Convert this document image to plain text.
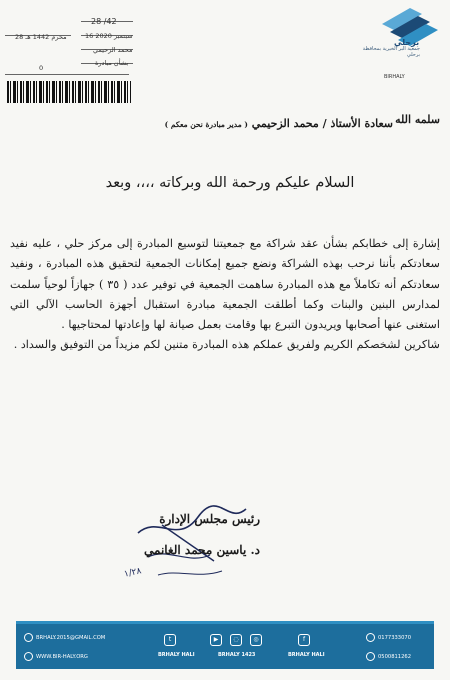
28 /42
16 سبتمبر 2020
28 محرم 1442 هـ
محمد الزحيمي
بشأن مبادرة
0
برحلي
جمعية البر الخيرية بمحافظة برحلي
BIRHALY
سلمه الله
سعادة الأستاذ / محمد الزحيمي ( مدير مبادرة نحن معكم )
السلام عليكم ورحمة الله وبركاته ،،،، وبعد

إشارة إلى خطابكم بشأن عقد شراكة مع جمعيتنا لتوسيع المبادرة إلى مركز حلي ، عليه نفيد سعادتكم بأننا نرحب بهذه الشراكة ونضع جميع إمكانات الجمعية لتحقيق هذه المبادرة ، ونفيد سعادتكم أنه تكاملاً مع هذه المبادرة ساهمت الجمعية في توفير عدد ( ٣٥ ) جهازاً لوحياً سلمت لمدارس البنين والبنات وكما أطلقت الجمعية مبادرة استقبال أجهزة الحاسب الآلي التي استغنى عنها أصحابها ويريدون التبرع بها وقامت بعمل صيانة لها وإعادتها لمحتاجيها .

شاكرين لشخصكم الكريم ولفريق عملكم هذه المبادرة متنين لكم مزيداً من التوفيق والسداد .

رئيس مجلس الإدارة
د. ياسين محمد الغانمي
١/٢٨
BRHALY.2015@GMAIL.COM
WWW.BIR-HALY.ORG
t
BRHALY HALI
▶	◌	◎
BRHALY 1423
f
BRHALY HALI
0177333070
0500811262
